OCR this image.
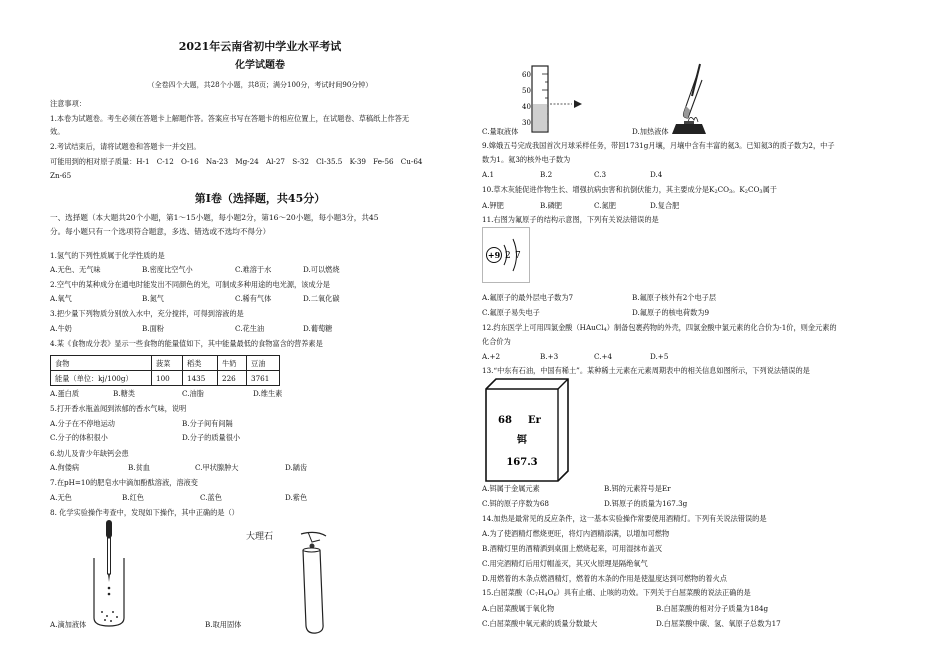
2021年云南省初中学业水平考试
化学试题卷
（全卷四个大题，共28个小题，共8页；满分100分，考试时间90分钟）
注意事项：
1.本卷为试题卷。考生必须在答题卡上解题作答。答案应书写在答题卡的相应位置上，在试题卷、草稿纸上作答无
效。
2.考试结束后，请将试题卷和答题卡一并交回。
可能用到的相对原子质量：H-1　C-12　O-16　Na-23　Mg-24　Al-27　S-32　Cl-35.5　K-39　Fe-56　Cu-64
Zn-65
第Ⅰ卷（选择题，共45分）
一、选择题（本大题共20个小题，第1～15小题，每小题2分，第16～20小题，每小题3分，共45
分。每小题只有一个选项符合题意，多选、错选或不选均不得分）
1.氢气的下列性质属于化学性质的是
A.无色、无气味	B.密度比空气小	C.难溶于水	D.可以燃烧
2.空气中的某种成分在通电时能发出不同颜色的光，可制成多种用途的电光源，该成分是
A.氧气	B.氮气	C.稀有气体	D.二氧化碳
3.把少量下列物质分别放入水中，充分搅拌，可得到溶液的是
A.牛奶	B.面粉	C.花生油	D.葡萄糖
4.某《食物成分表》显示一些食物的能量值如下，其中能量最低的食物富含的营养素是
食物	菠菜	稻类	牛奶	豆油
能量（单位：kj/100g）	100	1435	226	3761
A.蛋白质	B.糖类	C.油脂	D.维生素
5.打开香水瓶盖闻到浓郁的香水气味，说明
A.分子在不停地运动	B.分子间有间隔
C.分子的体积很小	D.分子的质量很小
6.幼儿及青少年缺钙会患
A.佝偻病	B.贫血	C.甲状腺肿大	D.龋齿
7.在pH=10的肥皂水中滴加酚酞溶液，溶液变
A.无色	B.红色	C.蓝色	D.紫色
8. 化学实验操作考查中，发现如下操作，其中正确的是（）
A.滴加液体
大理石
B.取用固体
60
50
40
30
C.量取液体	D.加热液体
9.嫦娥五号完成我国首次月球采样任务，带回1731g月壤，月壤中含有丰富的氦3。已知氦3的质子数为2，中子
数为1。氦3的核外电子数为
A.1	B.2	C.3	D.4
10.草木灰能促进作物生长、增强抗病虫害和抗倒伏能力，其主要成分是$K_2CO_3$。$K_2CO_3$属于
A.钾肥	B.磷肥	C.氮肥	D.复合肥
11.右图为氟原子的结构示意图，下列有关说法错误的是
+9 2 7
A.氟原子的最外层电子数为7	B.氟原子核外有2个电子层
C.氟原子易失电子	D.氟原子的核电荷数为9
12.约东医学上可用四氯金酸（HAuCl$_4$）制备包裹药物的外壳，四氯金酸中氯元素的化合价为-1价，则金元素的
化合价为
A.+2	B.+3	C.+4	D.+5
13.“中东有石油，中国有稀土”。某种稀土元素在元素周期表中的相关信息如图所示，下列说法错误的是
68 Er
铒
167.3
A.铒属于金属元素	B.铒的元素符号是Er
C.铒的原子序数为68	D.铒原子的质量为167.3g
14.加热是最常见的反应条件，这一基本实验操作常要使用酒精灯。下列有关说法错误的是
A.为了使酒精灯燃烧更旺，将灯内酒精添满，以增加可燃物
B.酒精灯里的酒精洒到桌面上燃烧起来，可用湿抹布盖灭
C.用完酒精灯后用灯帽盖灭，其灭火原理是隔绝氧气
D.用燃着的木条点燃酒精灯，燃着的木条的作用是使温度达到可燃物的着火点
15.白屈菜酸$(C_7H_4O_6)$具有止痛、止咳的功效。下列关于白屈菜酸的说法正确的是
A.白屈菜酸属于氧化物	B.白屈菜酸的相对分子质量为184g
C.白屈菜酸中氧元素的质量分数最大	D.白屈菜酸中碳、氢、氧原子总数为17
